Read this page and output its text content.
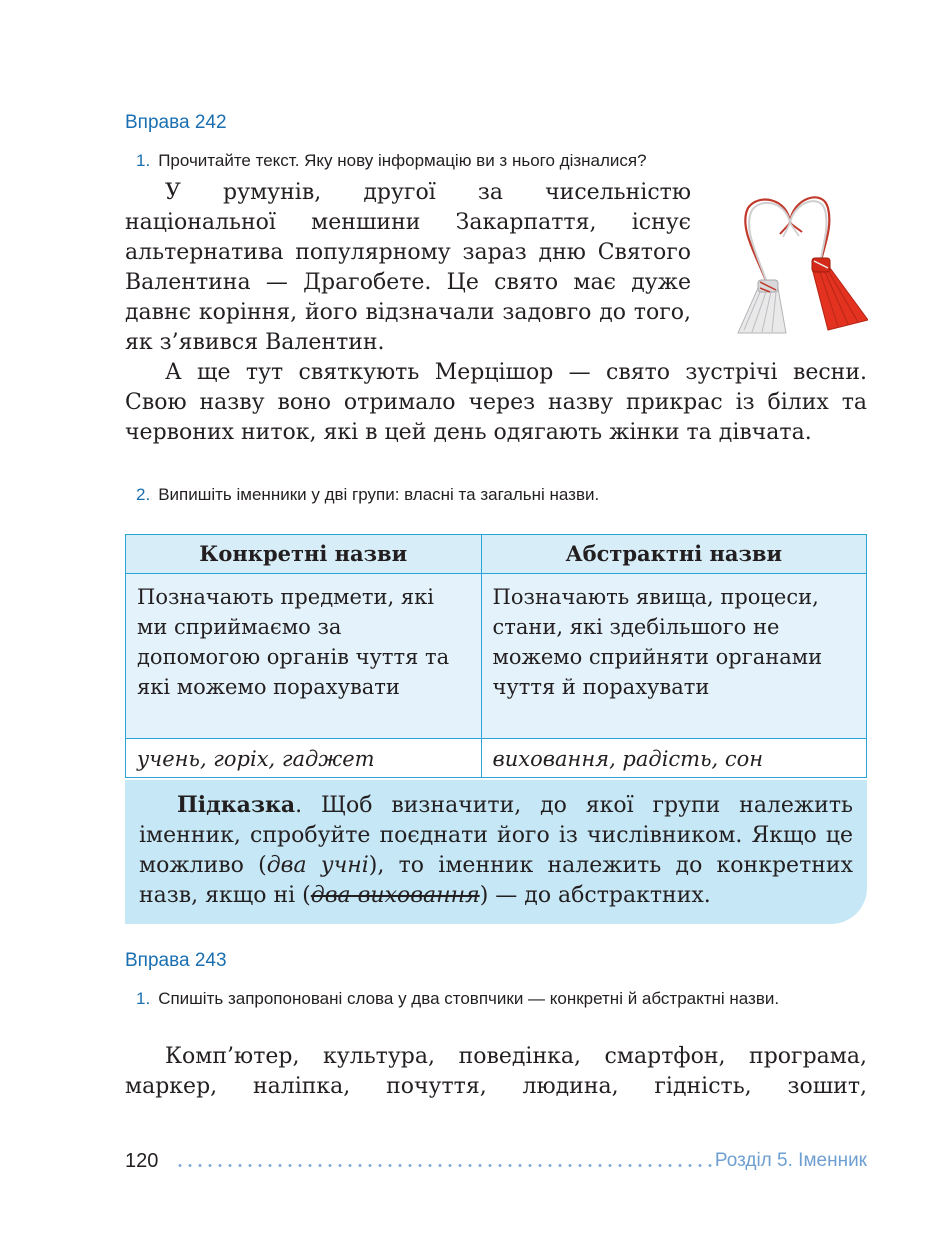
Вправа 242
1. Прочитайте текст. Яку нову інформацію ви з нього дізналися?

У румунів, другої за чисельністю національної меншини Закарпаття, існує альтернатива популярному зараз дню Святого Валентина — Драгобете. Це свято має дуже давнє коріння, його відзначали задовго до того, як з’явився Валентин.

А ще тут святкують Мерцішор — свято зустрічі весни. Свою назву воно отримало через назву прикрас із білих та червоних ниток, які в цей день одягають жінки та дівчата.

2. Випишіть іменники у дві групи: власні та загальні назви.
Конкретні назви	Абстрактні назви
Позначають предмети, які ми сприймаємо за допомогою органів чуття та які можемо порахувати	Позначають явища, процеси, стани, які здебільшого не можемо сприйняти органами чуття й порахувати
учень, горіх, гаджет	виховання, радість, сон

Підказка. Щоб визначити, до якої групи належить іменник, спробуйте поєднати його із числівником. Якщо це можливо (два учні), то іменник належить до конкретних назв, якщо ні (два виховання) — до абстрактних.

Вправа 243
1. Спишіть запропоновані слова у два стовпчики — конкретні й абстрактні назви.

Комп’ютер, культура, поведінка, смартфон, програма, маркер, наліпка, почуття, людина, гідність, зошит,

120	Розділ 5. Іменник
